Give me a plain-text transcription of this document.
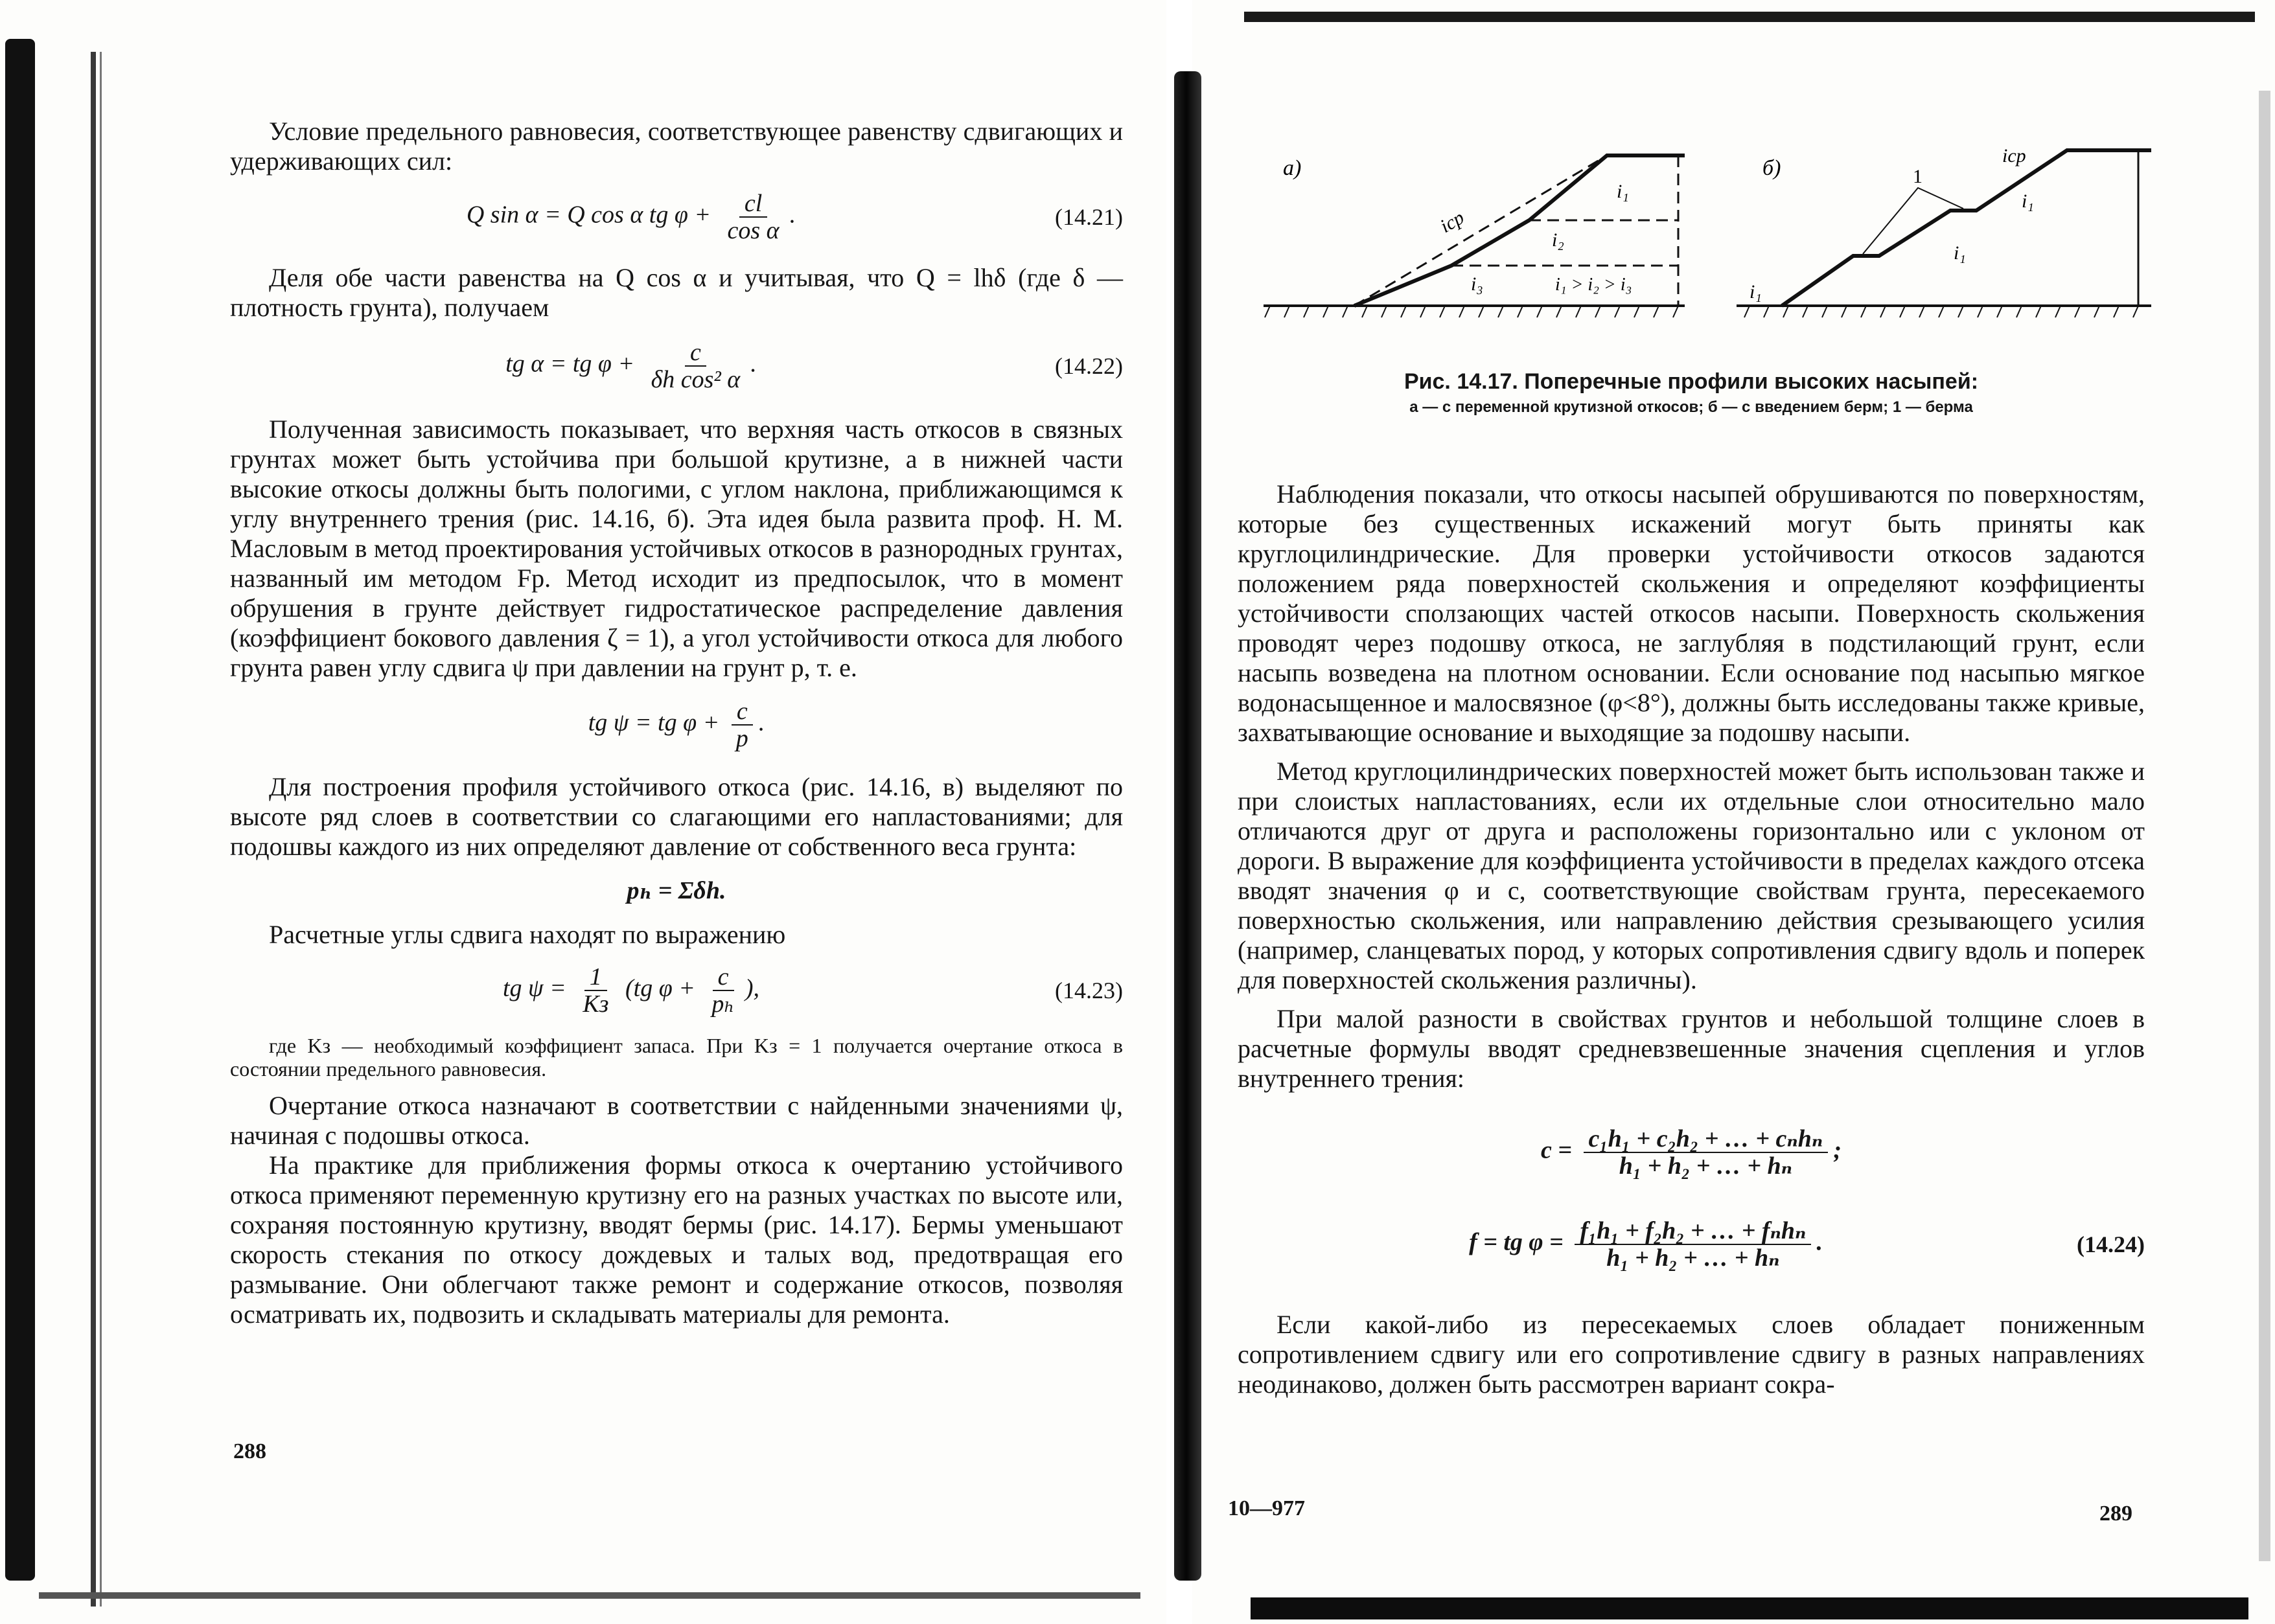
Условие предельного равновесия, соответствующее равенству сдвигающих и удерживающих сил:

Q sin α = Q cos α tg $\varphi + \frac{cl}{\text{cos α}}$ .	(14.21)

Деля обе части равенства на Q cos α и учитывая, что Q = lhδ (где δ — плотность грунта), получаем

tg α = tg $\varphi + \frac{c}{\text{δh cos² α}}$ .	(14.22)

Полученная зависимость показывает, что верхняя часть откосов в связных грунтах может быть устойчива при большой крутизне, а в нижней части высокие откосы должны быть пологими, с углом наклона, приближающимся к углу внутреннего трения (рис. 14.16, б). Эта идея была развита проф. Н. М. Масловым в метод проектирования устойчивых откосов в разнородных грунтах, названный им методом Fp. Метод исходит из предпосылок, что в момент обрушения в грунте действует гидростатическое распределение давления (коэффициент бокового давления ζ = 1), а угол устойчивости откоса для любого грунта равен углу сдвига ψ при давлении на грунт p, т. е.

tg ψ = tg $\varphi + \frac{c}{p}$ .

Для построения профиля устойчивого откоса (рис. 14.16, в) выделяют по высоте ряд слоев в соответствии со слагающими его напластованиями; для подошвы каждого из них определяют давление от собственного веса грунта:

pₕ = Σδh.

Расчетные углы сдвига находят по выражению

tg $\psi = \frac{1}{Kз} (tg$ $\varphi + \frac{c}{\text{pₕ}}$ ),	(14.23)

где Kз — необходимый коэффициент запаса. При Kз = 1 получается очертание откоса в состоянии предельного равновесия.

Очертание откоса назначают в соответствии с найденными значениями ψ, начиная с подошвы откоса.

На практике для приближения формы откоса к очертанию устойчивого откоса применяют переменную крутизну его на разных участках по высоте или, сохраняя постоянную крутизну, вводят бермы (рис. 14.17). Бермы уменьшают скорость стекания по откосу дождевых и талых вод, предотвращая его размывание. Они облегчают также ремонт и содержание откосов, позволяя осматривать их, подвозить и складывать материалы для ремонта.

288
а)
iср
i₁
i₂
i₃	i₁ > i₂ > i₃
б)	1
iср
i₁
i₁
i₁
Рис. 14.17. Поперечные профили высоких насыпей:
а — с переменной крутизной откосов; б — с введением берм; 1 — берма

Наблюдения показали, что откосы насыпей обрушиваются по поверхностям, которые без существенных искажений могут быть приняты как круглоцилиндрические. Для проверки устойчивости откосов задаются положением ряда поверхностей скольжения и определяют коэффициенты устойчивости сползающих частей откосов насыпи. Поверхность скольжения проводят через подошву откоса, не заглубляя в подстилающий грунт, если насыпь возведена на плотном основании. Если основание под насыпью мягкое водонасыщенное и малосвязное (φ<8°), должны быть исследованы также кривые, захватывающие основание и выходящие за подошву насыпи.

Метод круглоцилиндрических поверхностей может быть использован также и при слоистых напластованиях, если их отдельные слои относительно мало отличаются друг от друга и расположены горизонтально или с уклоном от дороги. В выражение для коэффициента устойчивости в пределах каждого отсека вводят значения φ и c, соответствующие свойствам грунта, пересекаемого поверхностью скольжения, или направлению действия срезывающего усилия (например, сланцеватых пород, у которых сопротивления сдвигу вдоль и поперек для поверхностей скольжения различны).

При малой разности в свойствах грунтов и небольшой толщине слоев в расчетные формулы вводят средневзвешенные значения сцепления и углов внутреннего трения:

$c = \frac{\text{c₁h₁ + c₂h₂ + … + cₙhₙ}}{\text{h₁ + h₂ + … + hₙ}}$ ;
f = tg $\varphi = \frac{\text{f₁h₁ + f₂h₂ + … + fₙhₙ}}{\text{h₁ + h₂ + … + hₙ}}$ .	(14.24)

Если какой-либо из пересекаемых слоев обладает пониженным сопротивлением сдвигу или его сопротивление сдвигу в разных направлениях неодинаково, должен быть рассмотрен вариант сокра-

10—977	289
